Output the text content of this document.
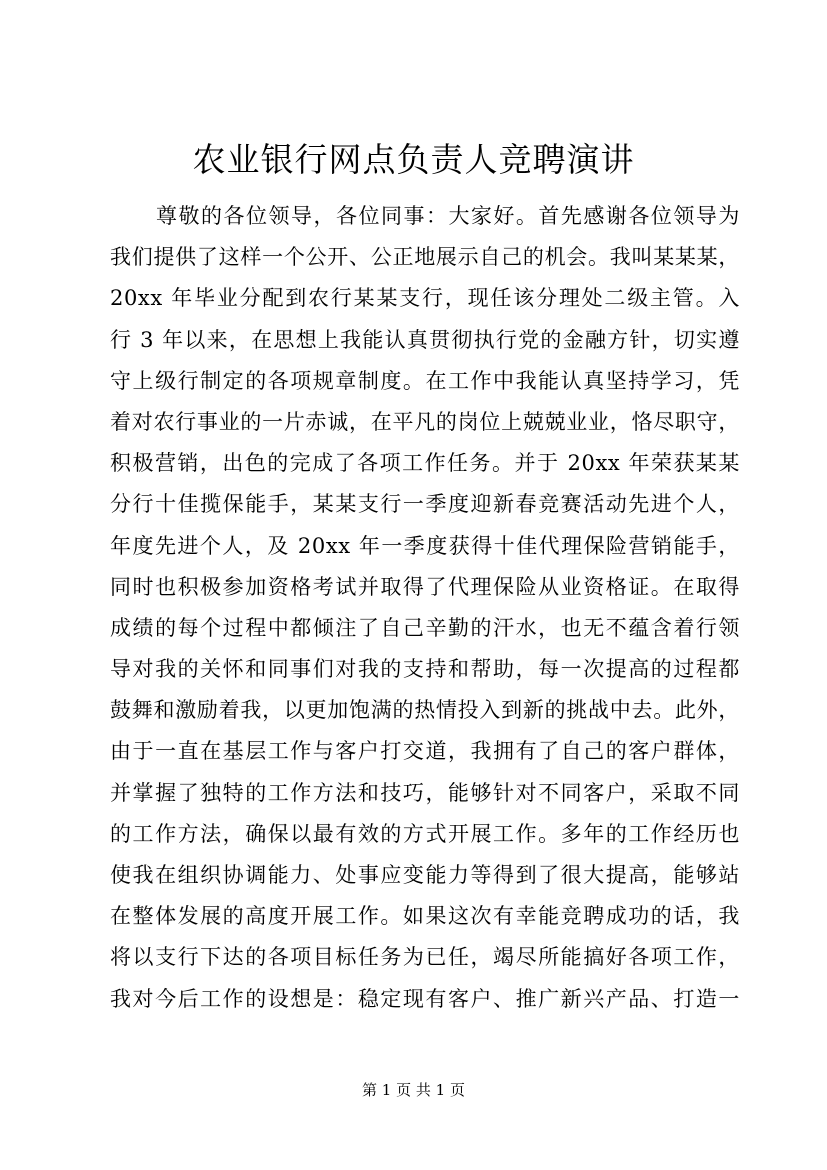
农业银行网点负责人竞聘演讲
尊敬的各位领导，各位同事：大家好。首先感谢各位领导为
我们提供了这样一个公开、公正地展示自己的机会。我叫某某某，
20xx 年毕业分配到农行某某支行，现任该分理处二级主管。入
行 3 年以来，在思想上我能认真贯彻执行党的金融方针，切实遵
守上级行制定的各项规章制度。在工作中我能认真坚持学习，凭
着对农行事业的一片赤诚，在平凡的岗位上兢兢业业，恪尽职守，
积极营销，出色的完成了各项工作任务。并于 20xx 年荣获某某
分行十佳揽保能手，某某支行一季度迎新春竞赛活动先进个人，
年度先进个人，及 20xx 年一季度获得十佳代理保险营销能手，
同时也积极参加资格考试并取得了代理保险从业资格证。在取得
成绩的每个过程中都倾注了自己辛勤的汗水，也无不蕴含着行领
导对我的关怀和同事们对我的支持和帮助，每一次提高的过程都
鼓舞和激励着我，以更加饱满的热情投入到新的挑战中去。此外，
由于一直在基层工作与客户打交道，我拥有了自己的客户群体，
并掌握了独特的工作方法和技巧，能够针对不同客户，采取不同
的工作方法，确保以最有效的方式开展工作。多年的工作经历也
使我在组织协调能力、处事应变能力等得到了很大提高，能够站
在整体发展的高度开展工作。如果这次有幸能竞聘成功的话，我
将以支行下达的各项目标任务为已任，竭尽所能搞好各项工作，
我对今后工作的设想是：稳定现有客户、推广新兴产品、打造一
第 1 页 共 1 页
